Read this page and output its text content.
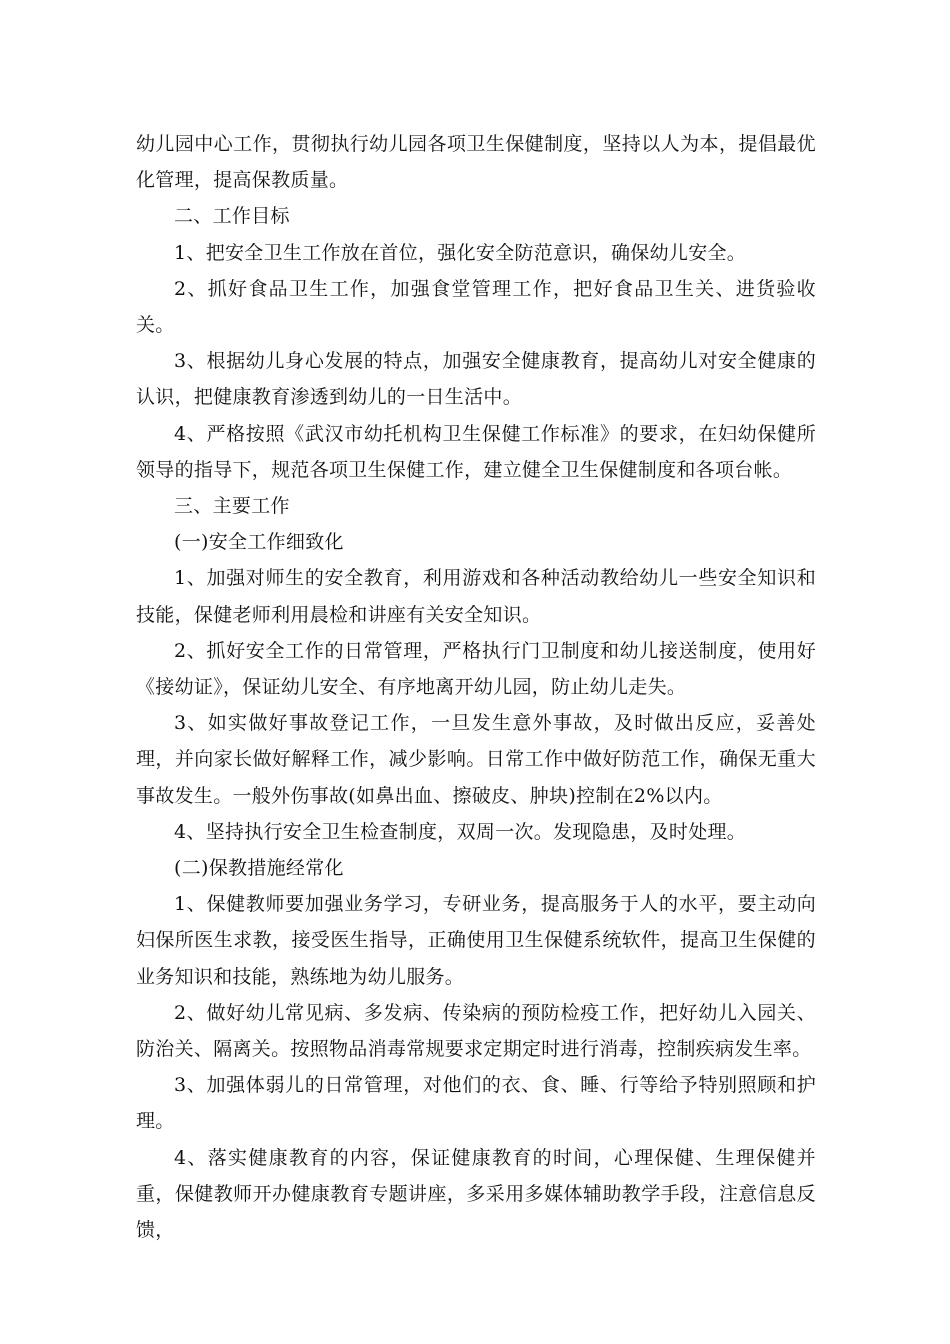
幼儿园中心工作，贯彻执行幼儿园各项卫生保健制度，坚持以人为本，提倡最优化管理，提高保教质量。

二、工作目标

1、把安全卫生工作放在首位，强化安全防范意识，确保幼儿安全。

2、抓好食品卫生工作，加强食堂管理工作，把好食品卫生关、进货验收关。

3、根据幼儿身心发展的特点，加强安全健康教育，提高幼儿对安全健康的认识，把健康教育渗透到幼儿的一日生活中。

4、严格按照《武汉市幼托机构卫生保健工作标准》的要求，在妇幼保健所领导的指导下，规范各项卫生保健工作，建立健全卫生保健制度和各项台帐。

三、主要工作

(一)安全工作细致化

1、加强对师生的安全教育，利用游戏和各种活动教给幼儿一些安全知识和技能，保健老师利用晨检和讲座有关安全知识。

2、抓好安全工作的日常管理，严格执行门卫制度和幼儿接送制度，使用好《接幼证》，保证幼儿安全、有序地离开幼儿园，防止幼儿走失。

3、如实做好事故登记工作，一旦发生意外事故，及时做出反应，妥善处理，并向家长做好解释工作，减少影响。日常工作中做好防范工作，确保无重大事故发生。一般外伤事故(如鼻出血、擦破皮、肿块)控制在2%以内。

4、坚持执行安全卫生检查制度，双周一次。发现隐患，及时处理。

(二)保教措施经常化

1、保健教师要加强业务学习，专研业务，提高服务于人的水平，要主动向妇保所医生求教，接受医生指导，正确使用卫生保健系统软件，提高卫生保健的业务知识和技能，熟练地为幼儿服务。

2、做好幼儿常见病、多发病、传染病的预防检疫工作，把好幼儿入园关、防治关、隔离关。按照物品消毒常规要求定期定时进行消毒，控制疾病发生率。

3、加强体弱儿的日常管理，对他们的衣、食、睡、行等给予特别照顾和护理。

4、落实健康教育的内容，保证健康教育的时间，心理保健、生理保健并重，保健教师开办健康教育专题讲座，多采用多媒体辅助教学手段，注意信息反馈，
